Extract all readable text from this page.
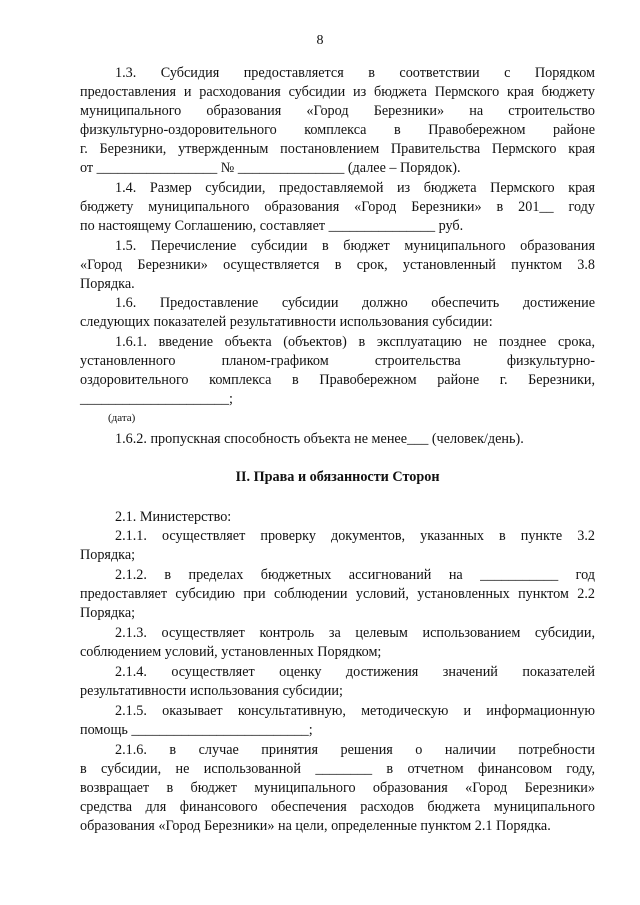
8
1.3. Субсидия предоставляется в соответствии с Порядком
предоставления и расходования субсидии из бюджета Пермского края бюджету
муниципального образования «Город Березники» на строительство
физкультурно-оздоровительного комплекса в Правобережном районе
г. Березники, утвержденным постановлением Правительства Пермского края
от _________________ № _______________ (далее – Порядок).
1.4. Размер субсидии, предоставляемой из бюджета Пермского края
бюджету муниципального образования «Город Березники» в 201__ году
по настоящему Соглашению, составляет _______________ руб.
1.5. Перечисление субсидии в бюджет муниципального образования
«Город Березники» осуществляется в срок, установленный пунктом 3.8
Порядка.
1.6. Предоставление субсидии должно обеспечить достижение
следующих показателей результативности использования субсидии:
1.6.1. введение объекта (объектов) в эксплуатацию не позднее срока,
установленного планом-графиком строительства физкультурно-
оздоровительного комплекса в Правобережном районе г. Березники,
_____________________;
(дата)
1.6.2. пропускная способность объекта не менее___ (человек/день).
II. Права и обязанности Сторон
2.1. Министерство:
2.1.1. осуществляет проверку документов, указанных в пункте 3.2
Порядка;
2.1.2. в пределах бюджетных ассигнований на ___________ год
предоставляет субсидию при соблюдении условий, установленных пунктом 2.2
Порядка;
2.1.3. осуществляет контроль за целевым использованием субсидии,
соблюдением условий, установленных Порядком;
2.1.4. осуществляет оценку достижения значений показателей
результативности использования субсидии;
2.1.5. оказывает консультативную, методическую и информационную
помощь _________________________;
2.1.6. в случае принятия решения о наличии потребности
в субсидии, не использованной ________ в отчетном финансовом году,
возвращает в бюджет муниципального образования «Город Березники»
средства для финансового обеспечения расходов бюджета муниципального
образования «Город Березники» на цели, определенные пунктом 2.1 Порядка.
